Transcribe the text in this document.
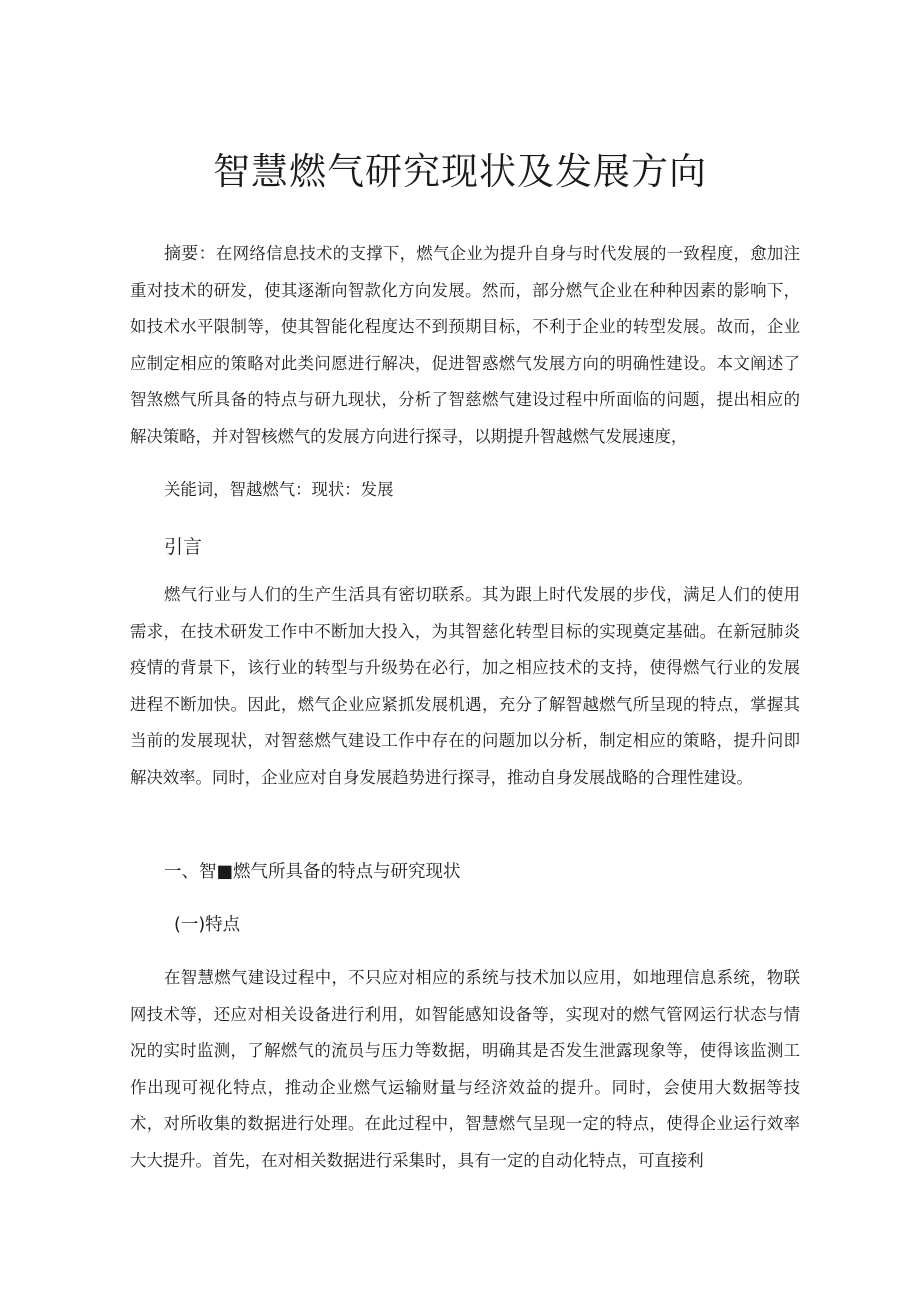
智慧燃气研究现状及发展方向

摘要：在网络信息技术的支撑下，燃气企业为提升自身与时代发展的一致程度，愈加注重对技术的研发，使其逐渐向智款化方向发展。然而，部分燃气企业在种种因素的影响下，如技术水平限制等，使其智能化程度达不到预期目标，不利于企业的转型发展。故而，企业应制定相应的策略对此类问愿进行解决，促进智惑燃气发展方向的明确性建设。本文阐述了智煞燃气所具备的特点与研九现状，分析了智慈燃气建设过程中所面临的问题，提出相应的解决策略，并对智核燃气的发展方向进行探寻，以期提升智越燃气发展速度，

关能词，智越燃气：现状：发展

引言

燃气行业与人们的生产生活具有密切联系。其为跟上时代发展的步伐，满足人们的使用需求，在技术研发工作中不断加大投入，为其智慈化转型目标的实现奠定基础。在新冠肺炎疫情的背景下，该行业的转型与升级势在必行，加之相应技术的支持，使得燃气行业的发展进程不断加快。因此，燃气企业应紧抓发展机遇，充分了解智越燃气所呈现的特点，掌握其当前的发展现状，对智慈燃气建设工作中存在的问题加以分析，制定相应的策略，提升问即解决效率。同时，企业应对自身发展趋势进行探寻，推动自身发展战略的合理性建设。

一、智■燃气所具备的特点与研究现状
(一)特点

在智慧燃气建设过程中，不只应对相应的系统与技术加以应用，如地理信息系统，物联网技术等，还应对相关设备进行利用，如智能感知设备等，实现对的燃气管网运行状态与情况的实时监测，了解燃气的流员与压力等数据，明确其是否发生泄露现象等，使得该监测工作出现可视化特点，推动企业燃气运输财量与经济效益的提升。同时，会使用大数据等技术，对所收集的数据进行处理。在此过程中，智慧燃气呈现一定的特点，使得企业运行效率大大提升。首先，在对相关数据进行采集时，具有一定的自动化特点，可直接利
